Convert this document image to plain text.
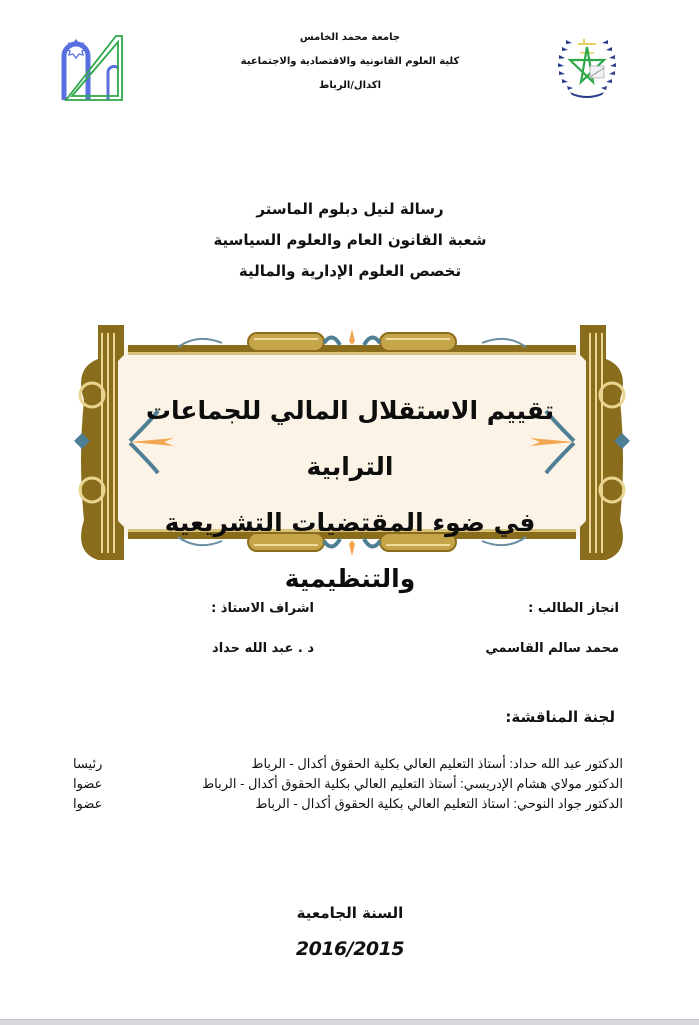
جامعة محمد الخامس
كلية العلوم القانونية والاقتصادية والاجتماعية
اكدال/الرباط
رسالة لنيل دبلوم الماستر
شعبة القانون العام والعلوم السياسية
تخصص العلوم الإدارية والمالية
تقييم الاستقلال المالي للجماعات الترابية
في ضوء المقتضيات التشريعية والتنظيمية
انجاز الطالب :
محمد سالم القاسمي
اشراف الاستاذ :
د . عبد الله حداد
لجنة المناقشة:
الدكتور عبد الله حداد: أستاذ التعليم العالي بكلية الحقوق أكدال - الرباط
رئيسا
الدكتور مولاي هشام الإدريسي: أستاذ التعليم العالي بكلية الحقوق أكدال - الرباط
عضوا
الدكتور جواد النوحي: استاذ التعليم العالي بكلية الحقوق أكدال - الرباط
عضوا
السنة الجامعية
2016/2015
